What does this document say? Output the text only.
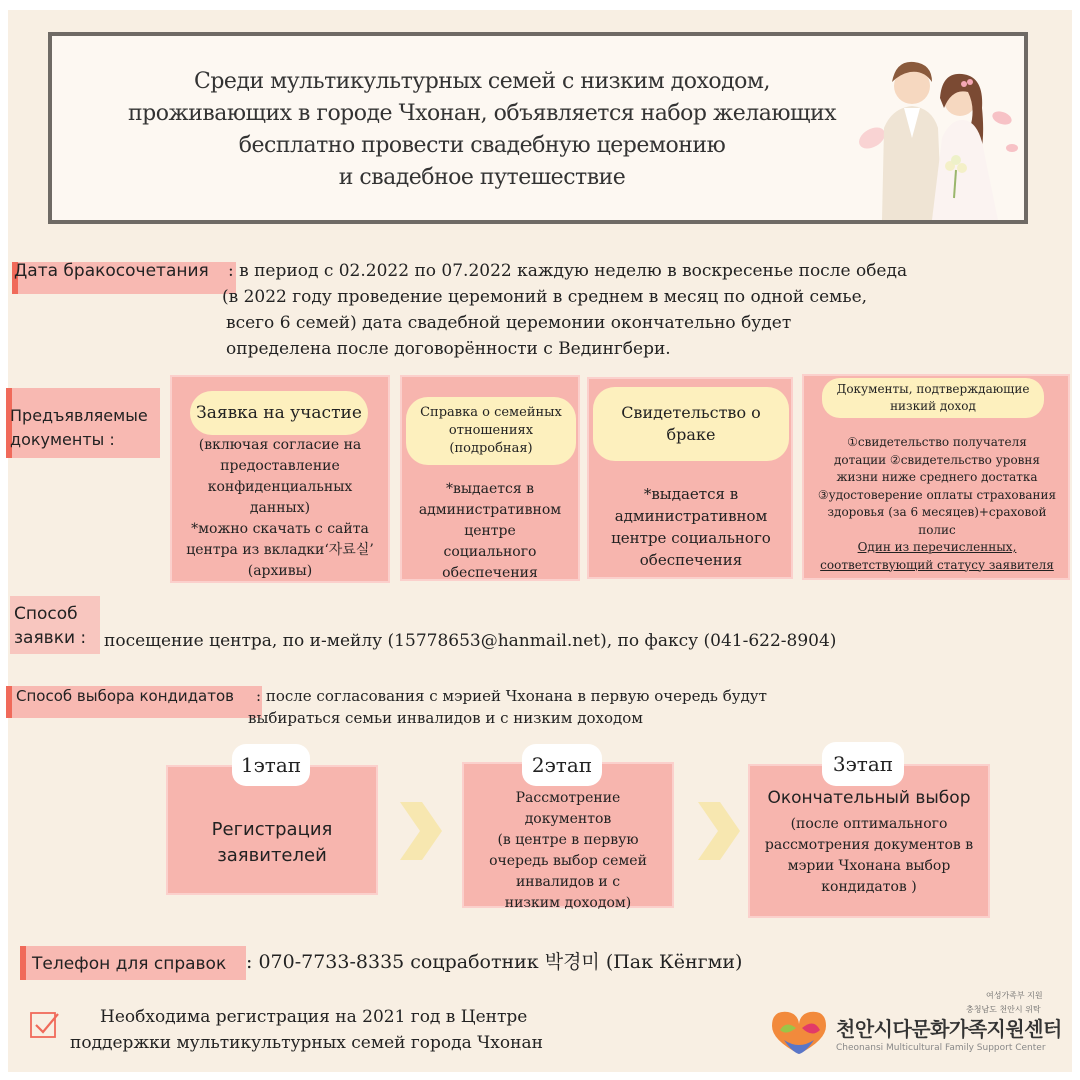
Среди мультикультурных семей с низким доходом,
проживающих в городе Чхонан, объявляется набор желающих
бесплатно провести свадебную церемонию
и свадебное путешествие
Дата бракосочетания : в период с 02.2022 по 07.2022 каждую неделю в воскресенье после обеда
(в 2022 году проведение церемоний в среднем в месяц по одной семье,
всего 6 семей) дата свадебной церемонии окончательно будет
определена после договорённости с Ведингбери.
Предъявляемые
документы :
Заявка на участие
(включая согласие на
предоставление
конфиденциальных
данных)
*можно скачать с сайта
центра из вкладки‘자료실’
(архивы)
Справка о семейных
отношениях
(подробная)
*выдается в
административном
центре
социального
обеспечения
Свидетельство о
браке
*выдается в
административном
центре социального
обеспечения
Документы, подтверждающие
низкий доход
①свидетельство получателя
дотации ②свидетельство уровня
жизни ниже среднего достатка
③удостоверение оплаты страхования
здоровья (за 6 месяцев)+сраховой
полис
Один из перечисленных,
соответствующий статусу заявителя
Способ
заявки : посещение центра, по и-мейлу (15778653@hanmail.net), по факсу (041-622-8904)
Способ выбора кондидатов : после согласования с мэрией Чхонана в первую очередь будут
выбираться семьи инвалидов и с низким доходом
Регистрация
заявителей
1этап
Рассмотрение
документов
(в центре в первую
очередь выбор семей
инвалидов и с
низким доходом)
2этап
Окончательный выбор
(после оптимального
рассмотрения документов в
мэрии Чхонана выбор
кондидатов )
3этап
Телефон для справок : 070-7733-8335 соцработник 박경미 (Пак Кёнгми)
Необходима регистрация на 2021 год в Центре
поддержки мультикультурных семей города Чхонан
여성가족부 지원
충청남도 천안시 위탁
천안시다문화가족지원센터
Cheonansi Multicultural Family Support Center
